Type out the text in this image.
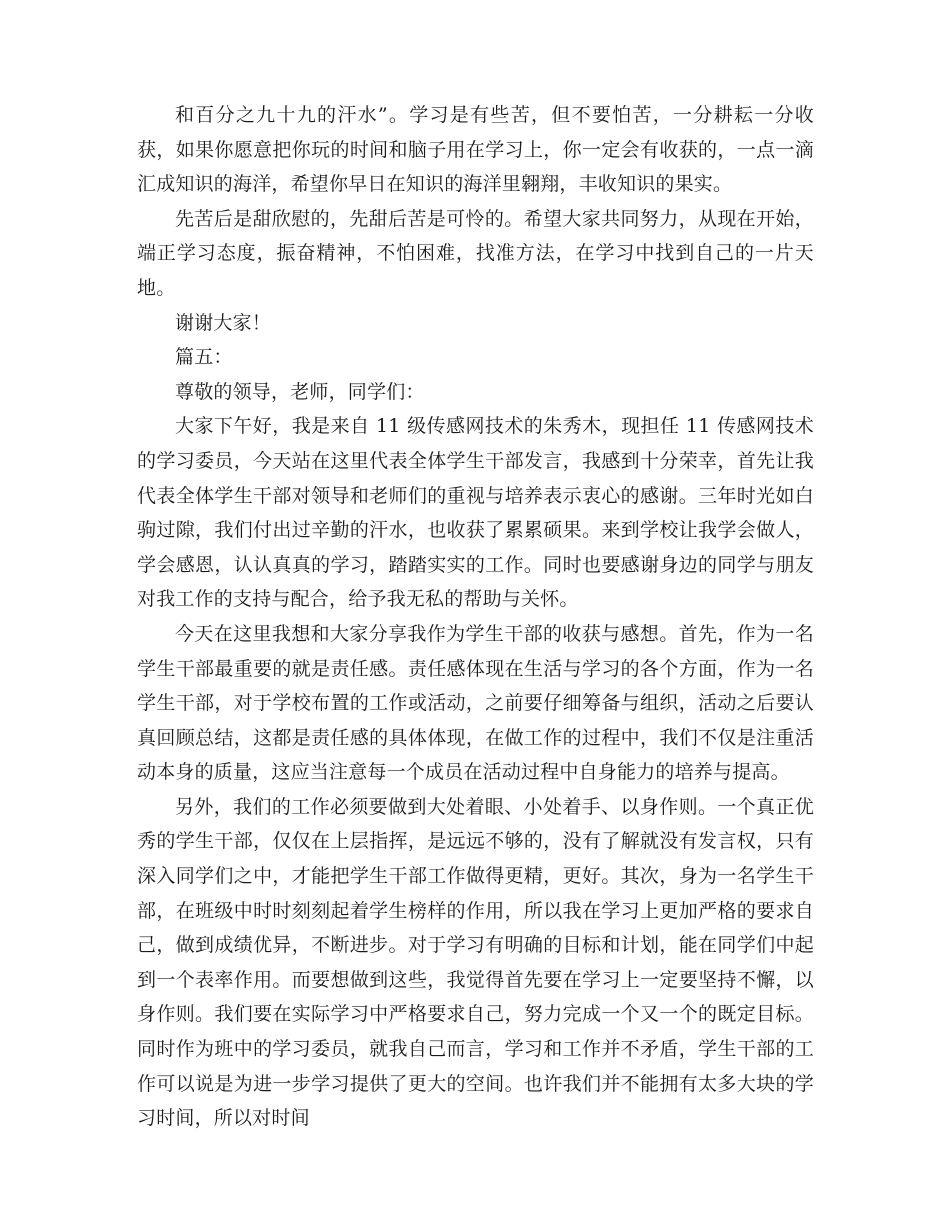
和百分之九十九的汗水”。学习是有些苦，但不要怕苦，一分耕耘一分收获，如果你愿意把你玩的时间和脑子用在学习上，你一定会有收获的，一点一滴汇成知识的海洋，希望你早日在知识的海洋里翱翔，丰收知识的果实。

先苦后是甜欣慰的，先甜后苦是可怜的。希望大家共同努力，从现在开始，端正学习态度，振奋精神，不怕困难，找准方法，在学习中找到自己的一片天地。

谢谢大家！

篇五：

尊敬的领导，老师，同学们：

大家下午好，我是来自 11 级传感网技术的朱秀木，现担任 11 传感网技术的学习委员，今天站在这里代表全体学生干部发言，我感到十分荣幸，首先让我代表全体学生干部对领导和老师们的重视与培养表示衷心的感谢。三年时光如白驹过隙，我们付出过辛勤的汗水，也收获了累累硕果。来到学校让我学会做人，学会感恩，认认真真的学习，踏踏实实的工作。同时也要感谢身边的同学与朋友对我工作的支持与配合，给予我无私的帮助与关怀。

今天在这里我想和大家分享我作为学生干部的收获与感想。首先，作为一名学生干部最重要的就是责任感。责任感体现在生活与学习的各个方面，作为一名学生干部，对于学校布置的工作或活动，之前要仔细筹备与组织，活动之后要认真回顾总结，这都是责任感的具体体现，在做工作的过程中，我们不仅是注重活动本身的质量，这应当注意每一个成员在活动过程中自身能力的培养与提高。

另外，我们的工作必须要做到大处着眼、小处着手、以身作则。一个真正优秀的学生干部，仅仅在上层指挥，是远远不够的，没有了解就没有发言权，只有深入同学们之中，才能把学生干部工作做得更精，更好。其次，身为一名学生干部，在班级中时时刻刻起着学生榜样的作用，所以我在学习上更加严格的要求自己，做到成绩优异，不断进步。对于学习有明确的目标和计划，能在同学们中起到一个表率作用。而要想做到这些，我觉得首先要在学习上一定要坚持不懈，以身作则。我们要在实际学习中严格要求自己，努力完成一个又一个的既定目标。同时作为班中的学习委员，就我自己而言，学习和工作并不矛盾，学生干部的工作可以说是为进一步学习提供了更大的空间。也许我们并不能拥有太多大块的学习时间，所以对时间
